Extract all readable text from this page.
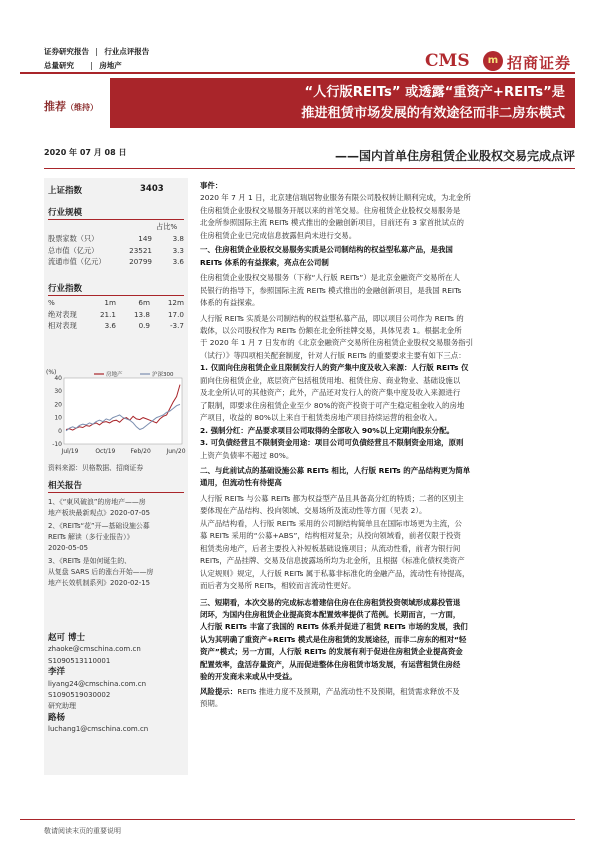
证券研究报告 | 行业点评报告
总量研究 | 房地产	CMS	m 招商证券
“人行版REITs” 或透露“重资产+REITs”是
推进租赁市场发展的有效途径而非二房东模式
推荐（维持）
2020 年 07 月 08 日	——国内首单住房租赁企业股权交易完成点评
上证指数	3403
行业规模
占比%
股票家数（只）	149	3.8
总市值（亿元）	23521	3.3
流通市值（亿元）	20799	3.6
行业指数
%	1m	6m	12m
绝对表现	21.1	13.8	17.0
相对表现	3.6	0.9	-3.7
(%)
40
30
20
10
0
-10
Jul/19	Oct/19	Feb/20	Jun/20
房地产	沪深300
资料来源：贝格数据、招商证券
相关报告
1、《“東风破浪”的房地产——房
地产板块最新观点》2020-07-05
2、《REITs“花”开—基础设施公募
REITs 解读（多行业报告）》
2020-05-05
3、《REITs 是如何诞生的、
从复盘 SARS 后的涨台开始——房
地产长效机制系列》2020-02-15
赵可 博士
zhaoke@cmschina.com.cn
S1090513110001
李洋
liyang24@cmschina.com.cn
S1090519030002
研究助理
路杨
luchang1@cmschina.com.cn
事件：
2020 年 7 月 1 日，北京建信瑞居物业服务有限公司股权转让顺利完成，为北金所
住房租赁企业股权交易服务开展以来的首笔交易。住房租赁企业股权交易服务是
北金所参照国际主流 REITs 模式推出的金融创新项目，目前还有 3 家首批试点的
住房租赁企业已完成信息披露但尚未进行交易。
一、住房租赁企业股权交易服务实质是公司制结构的权益型私募产品，是我国
REITs 体系的有益探索，亮点在公司制
住房租赁企业股权交易服务（下称“人行版 REITs”）是北京金融资产交易所在人
民银行的指导下，参照国际主流 REITs 模式推出的金融创新项目，是我国 REITs
体系的有益探索。
人行版 REITs 实质是公司制结构的权益型私募产品，即以项目公司作为 REITs 的
载体，以公司股权作为 REITs 份额在北金所挂牌交易，具体见表 1。根据北金所
于 2020 年 1 月 7 日发布的《北京金融资产交易所住房租赁企业股权交易服务指引
（试行）》等四项相关配套制度，针对人行版 REITs 的重要要求主要有如下三点：
1. 仅面向住房租赁企业且限制发行人的资产集中度及收入来源：人行版 REITs 仅
面向住房租赁企业，底层资产包括租赁用地、租赁住房、商业物业、基础设施以
及北金所认可的其他资产；此外，产品还对发行人的资产集中度及收入来源进行
了限制，即要求住房租赁企业至少 80%的资产投资于可产生稳定租金收入的房地
产项目，收益的 80%以上来自于租赁类房地产项目持续运营的租金收入。
2. 强制分红：产品要求项目公司取得的全部收入 90%以上定期向股东分配。
3. 可负债经营且不限制资金用途：项目公司可负债经营且不限制资金用途，原则
上资产负债率不超过 80%。
二、与此前试点的基础设施公募 REITs 相比，人行版 REITs 的产品结构更为简单
通用，但流动性有待提高
人行版 REITs 与公募 REITs 都为权益型产品且具备高分红的特质；二者的区别主
要体现在产品结构、投向领域、交易场所及流动性等方面（见表 2）。
从产品结构看，人行版 REITs 采用的公司制结构简单且在国际市场更为主流，公
募 REITs 采用的“公募+ABS”，结构相对复杂；从投向领域看，前者仅限于投资
租赁类房地产，后者主要投入补短板基础设施项目；从流动性看，前者为银行间
REITs，产品挂牌、交易及信息披露场所均为北金所，且根据《标准化债权类资产
认定规则》规定，人行版 REITs 属于私募非标准化的金融产品，流动性有待提高，
而后者为交易所 REITs，相较而言流动性更好。
三、短期看，本次交易的完成标志着建信住房在住房租赁投资领域形成募投管退
闭环，为国内住房租赁企业提高资本配置效率提供了范例。长期而言，一方面，
人行版 REITs 丰富了我国的 REITs 体系并促进了租赁 REITs 市场的发展，我们
认为其明确了重资产+REITs 模式是住房租赁的发展途径，而非二房东的相对“轻
资产”模式；另一方面，人行版 REITs 的发展有利于促进住房租赁企业提高资金
配置效率，盘活存量资产，从而促进整体住房租赁市场发展，有运营租赁住房经
验的开发商未来或从中受益。
风险提示：REITs 推进力度不及预期，产品流动性不及预期，租赁需求释放不及
预期。
敬请阅读末页的重要说明
